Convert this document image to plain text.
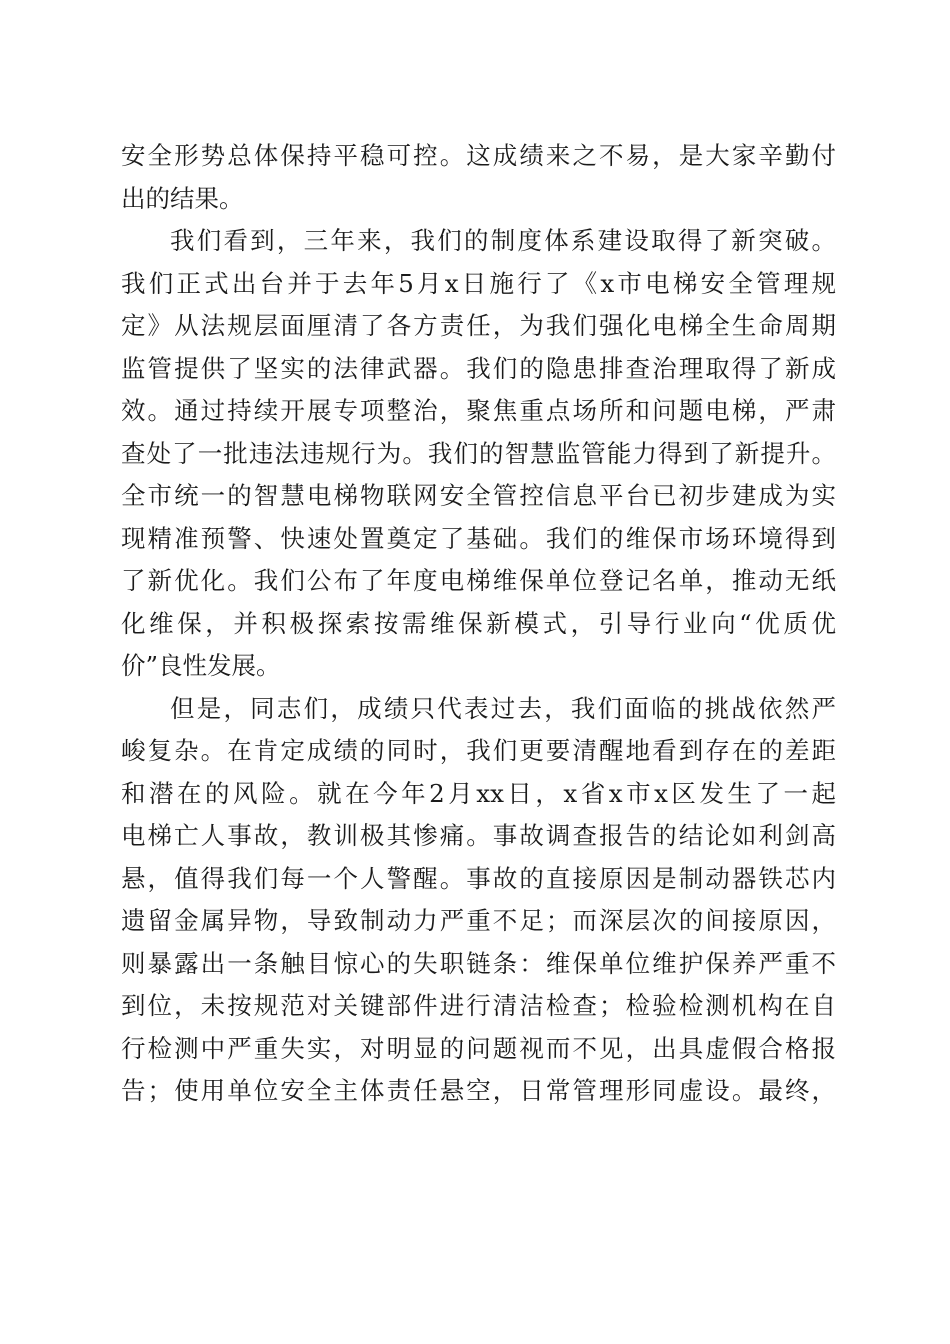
安全形势总体保持平稳可控。这成绩来之不易，是大家辛勤付
出的结果。
我们看到，三年来，我们的制度体系建设取得了新突破。
我们正式出台并于去年5月x日施行了《x市电梯安全管理规
定》从法规层面厘清了各方责任，为我们强化电梯全生命周期
监管提供了坚实的法律武器。我们的隐患排查治理取得了新成
效。通过持续开展专项整治，聚焦重点场所和问题电梯，严肃
查处了一批违法违规行为。我们的智慧监管能力得到了新提升。
全市统一的智慧电梯物联网安全管控信息平台已初步建成为实
现精准预警、快速处置奠定了基础。我们的维保市场环境得到
了新优化。我们公布了年度电梯维保单位登记名单，推动无纸
化维保，并积极探索按需维保新模式，引导行业向“优质优
价”良性发展。
但是，同志们，成绩只代表过去，我们面临的挑战依然严
峻复杂。在肯定成绩的同时，我们更要清醒地看到存在的差距
和潜在的风险。就在今年2月xx日，x省x市x区发生了一起
电梯亡人事故，教训极其惨痛。事故调查报告的结论如利剑高
悬，值得我们每一个人警醒。事故的直接原因是制动器铁芯内
遗留金属异物，导致制动力严重不足；而深层次的间接原因，
则暴露出一条触目惊心的失职链条：维保单位维护保养严重不
到位，未按规范对关键部件进行清洁检查；检验检测机构在自
行检测中严重失实，对明显的问题视而不见，出具虚假合格报
告；使用单位安全主体责任悬空，日常管理形同虚设。最终，
